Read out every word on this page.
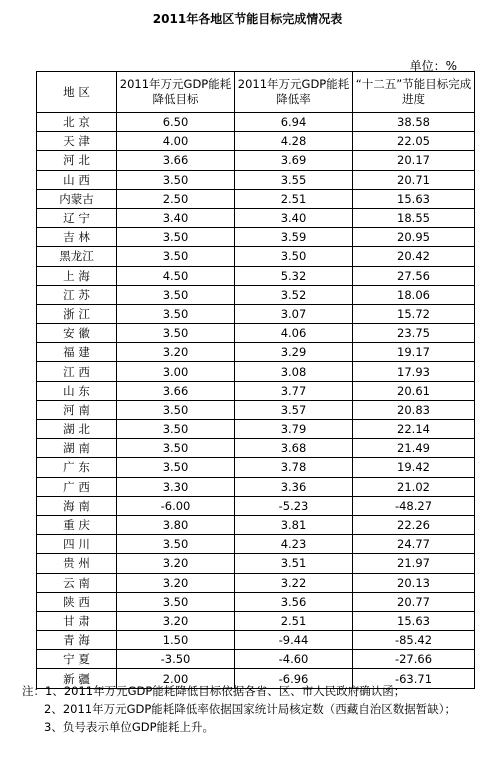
2011年各地区节能目标完成情况表
单位：%
地 区	2011年万元GDP能耗降低目标	2011年万元GDP能耗降低率	“十二五”节能目标完成进度
北 京	6.50	6.94	38.58
天 津	4.00	4.28	22.05
河 北	3.66	3.69	20.17
山 西	3.50	3.55	20.71
内蒙古	2.50	2.51	15.63
辽 宁	3.40	3.40	18.55
吉 林	3.50	3.59	20.95
黑龙江	3.50	3.50	20.42
上 海	4.50	5.32	27.56
江 苏	3.50	3.52	18.06
浙 江	3.50	3.07	15.72
安 徽	3.50	4.06	23.75
福 建	3.20	3.29	19.17
江 西	3.00	3.08	17.93
山 东	3.66	3.77	20.61
河 南	3.50	3.57	20.83
湖 北	3.50	3.79	22.14
湖 南	3.50	3.68	21.49
广 东	3.50	3.78	19.42
广 西	3.30	3.36	21.02
海 南	-6.00	-5.23	-48.27
重 庆	3.80	3.81	22.26
四 川	3.50	4.23	24.77
贵 州	3.20	3.51	21.97
云 南	3.20	3.22	20.13
陕 西	3.50	3.56	20.77
甘 肃	3.20	2.51	15.63
青 海	1.50	-9.44	-85.42
宁 夏	-3.50	-4.60	-27.66
新 疆	2.00	-6.96	-63.71
注：1、2011年万元GDP能耗降低目标依据各省、区、市人民政府确认函；
2、2011年万元GDP能耗降低率依据国家统计局核定数（西藏自治区数据暂缺）；
3、负号表示单位GDP能耗上升。
